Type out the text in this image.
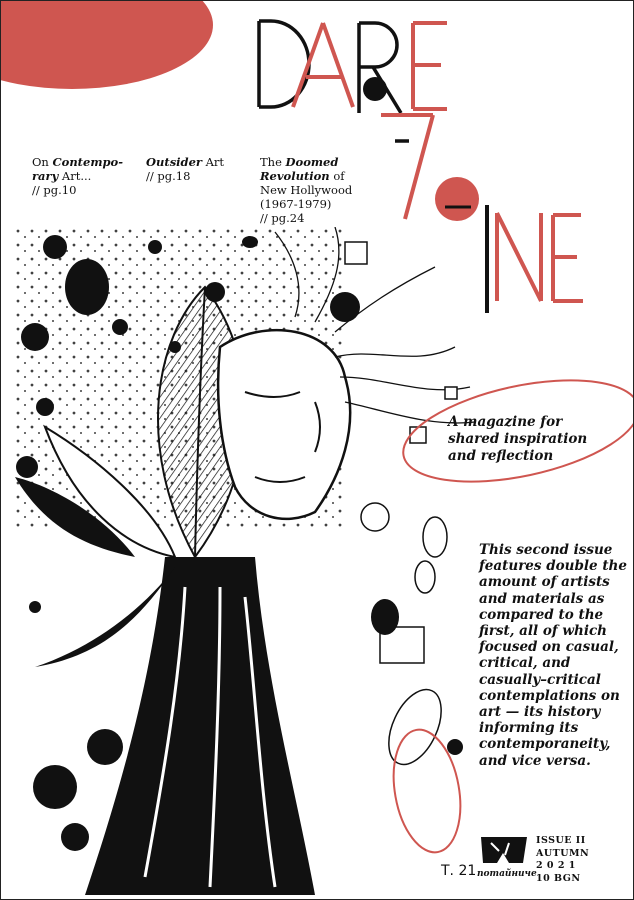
On Contempo-
rary Art...
// pg.10
Outsider Art
// pg.18
The Doomed
Revolution of
New Hollywood
(1967-1979)
// pg.24
Т. 21
A magazine for shared inspiration and reflection
This second issue features double the amount of artists and materials as compared to the first, all of which focused on casual, critical, and casually–critical contemplations on art — its history informing its contemporaneity, and vice versa.
потайниче
ISSUE II
AUTUMN
2 0 2 1
10 BGN
